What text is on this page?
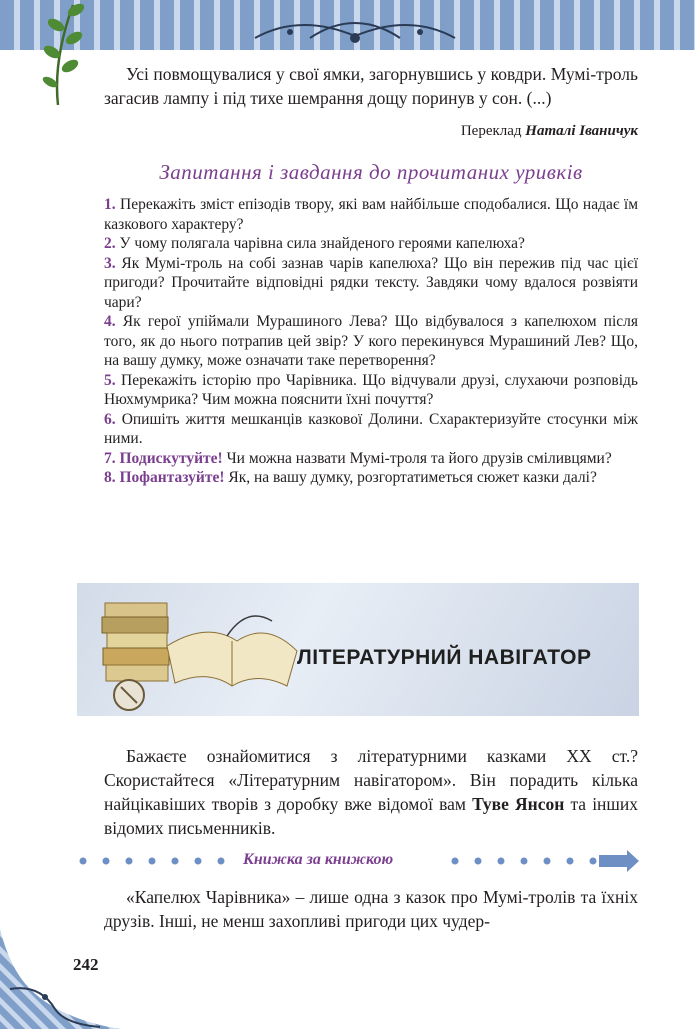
Усі повмощувалися у свої ямки, загорнувшись у ковдри. Мумі-троль загасив лампу і під тихе шемрання дощу поринув у сон. (...)
Переклад Наталі Іваничук
Запитання і завдання до прочитаних уривків

1. Перекажіть зміст епізодів твору, які вам найбільше сподобалися. Що надає їм казкового характеру?

2. У чому полягала чарівна сила знайденого героями капелюха?

3. Як Мумі-троль на собі зазнав чарів капелюха? Що він пережив під час цієї пригоди? Прочитайте відповідні рядки тексту. Завдяки чому вдалося розвіяти чари?

4. Як герої упіймали Мурашиного Лева? Що відбувалося з капелюхом після того, як до нього потрапив цей звір? У кого перекинувся Мурашиний Лев? Що, на вашу думку, може означати таке перетворення?

5. Перекажіть історію про Чарівника. Що відчували друзі, слухаючи розповідь Нюхмумрика? Чим можна пояснити їхні почуття?

6. Опишіть життя мешканців казкової Долини. Схарактеризуйте стосунки між ними.

7. Подискутуйте! Чи можна назвати Мумі-троля та його друзів сміливцями?

8. Пофантазуйте! Як, на вашу думку, розгортатиметься сюжет казки далі?

ЛІТЕРАТУРНИЙ НАВІГАТОР
Бажаєте ознайомитися з літературними казками XX ст.? Скористайтеся «Літературним навігатором». Він порадить кілька найцікавіших творів з доробку вже відомої вам Туве Янсон та інших відомих письменників.
Книжка за книжкою
«Капелюх Чарівника» – лише одна з казок про Мумі-тролів та їхніх друзів. Інші, не менш захопливі пригоди цих чудер-
242
